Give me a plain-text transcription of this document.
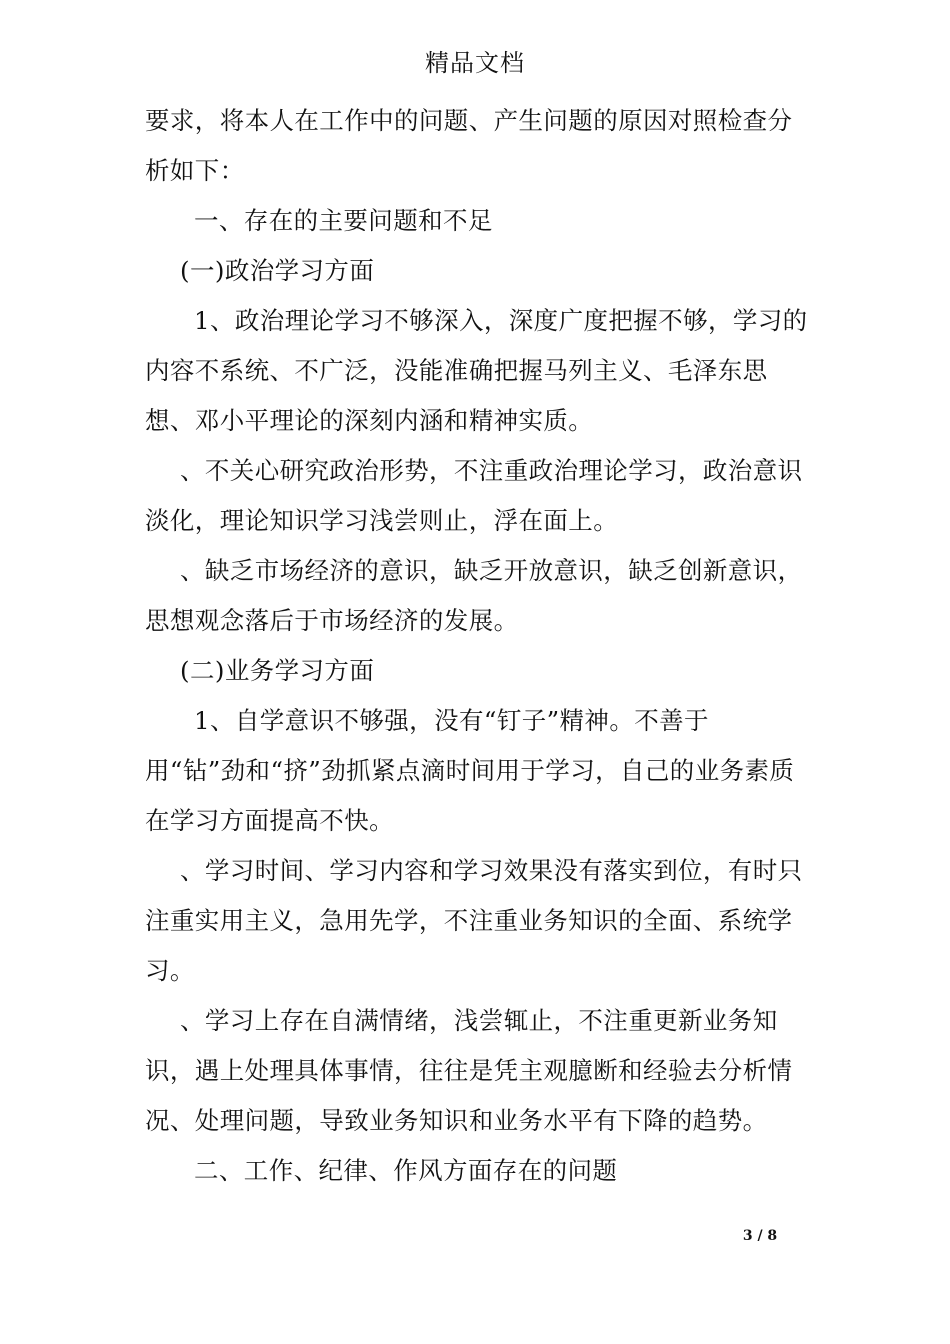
精品文档

要求，将本人在工作中的问题、产生问题的原因对照检查分析如下：

一、存在的主要问题和不足

(一)政治学习方面

1、政治理论学习不够深入，深度广度把握不够，学习的内容不系统、不广泛，没能准确把握马列主义、毛泽东思想、邓小平理论的深刻内涵和精神实质。

、不关心研究政治形势，不注重政治理论学习，政治意识淡化，理论知识学习浅尝则止，浮在面上。

、缺乏市场经济的意识，缺乏开放意识，缺乏创新意识，思想观念落后于市场经济的发展。

(二)业务学习方面

1、自学意识不够强，没有“钉子”精神。不善于用“钻”劲和“挤”劲抓紧点滴时间用于学习，自己的业务素质在学习方面提高不快。

、学习时间、学习内容和学习效果没有落实到位，有时只注重实用主义，急用先学，不注重业务知识的全面、系统学习。

、学习上存在自满情绪，浅尝辄止，不注重更新业务知识，遇上处理具体事情，往往是凭主观臆断和经验去分析情况、处理问题，导致业务知识和业务水平有下降的趋势。

二、工作、纪律、作风方面存在的问题

3 / 8
